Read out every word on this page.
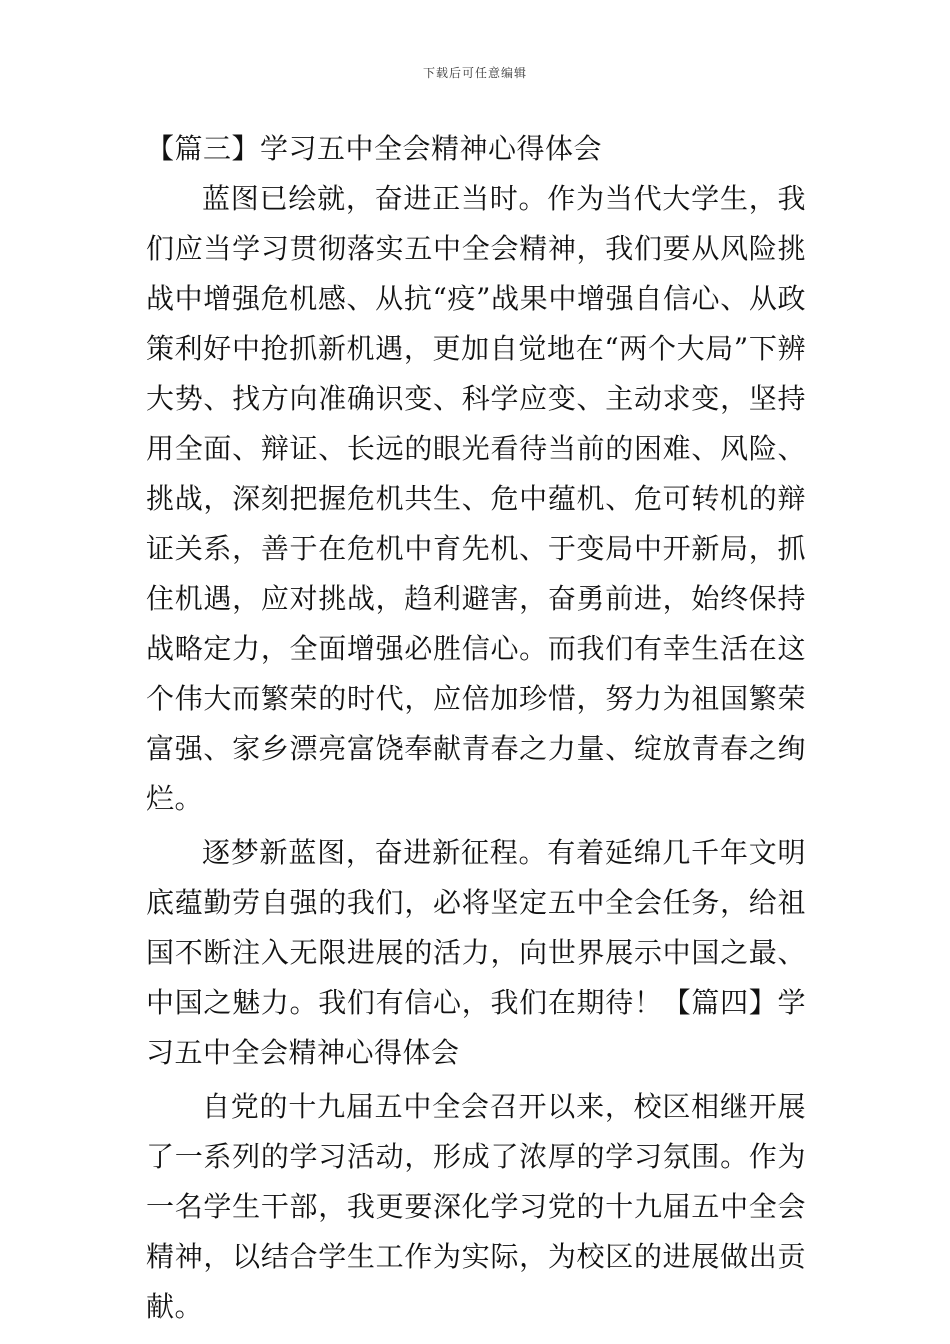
下载后可任意编辑
【篇三】学习五中全会精神心得体会

蓝图已绘就，奋进正当时。作为当代大学生，我们应当学习贯彻落实五中全会精神，我们要从风险挑战中增强危机感、从抗“疫”战果中增强自信心、从政策利好中抢抓新机遇，更加自觉地在“两个大局”下辨大势、找方向准确识变、科学应变、主动求变，坚持用全面、辩证、长远的眼光看待当前的困难、风险、挑战，深刻把握危机共生、危中蕴机、危可转机的辩证关系，善于在危机中育先机、于变局中开新局，抓住机遇，应对挑战，趋利避害，奋勇前进，始终保持战略定力，全面增强必胜信心。而我们有幸生活在这个伟大而繁荣的时代，应倍加珍惜，努力为祖国繁荣富强、家乡漂亮富饶奉献青春之力量、绽放青春之绚烂。

逐梦新蓝图，奋进新征程。有着延绵几千年文明底蕴勤劳自强的我们，必将坚定五中全会任务，给祖国不断注入无限进展的活力，向世界展示中国之最、中国之魅力。我们有信心，我们在期待！【篇四】学习五中全会精神心得体会

自党的十九届五中全会召开以来，校区相继开展了一系列的学习活动，形成了浓厚的学习氛围。作为一名学生干部，我更要深化学习党的十九届五中全会精神，以结合学生工作为实际，为校区的进展做出贡献。
